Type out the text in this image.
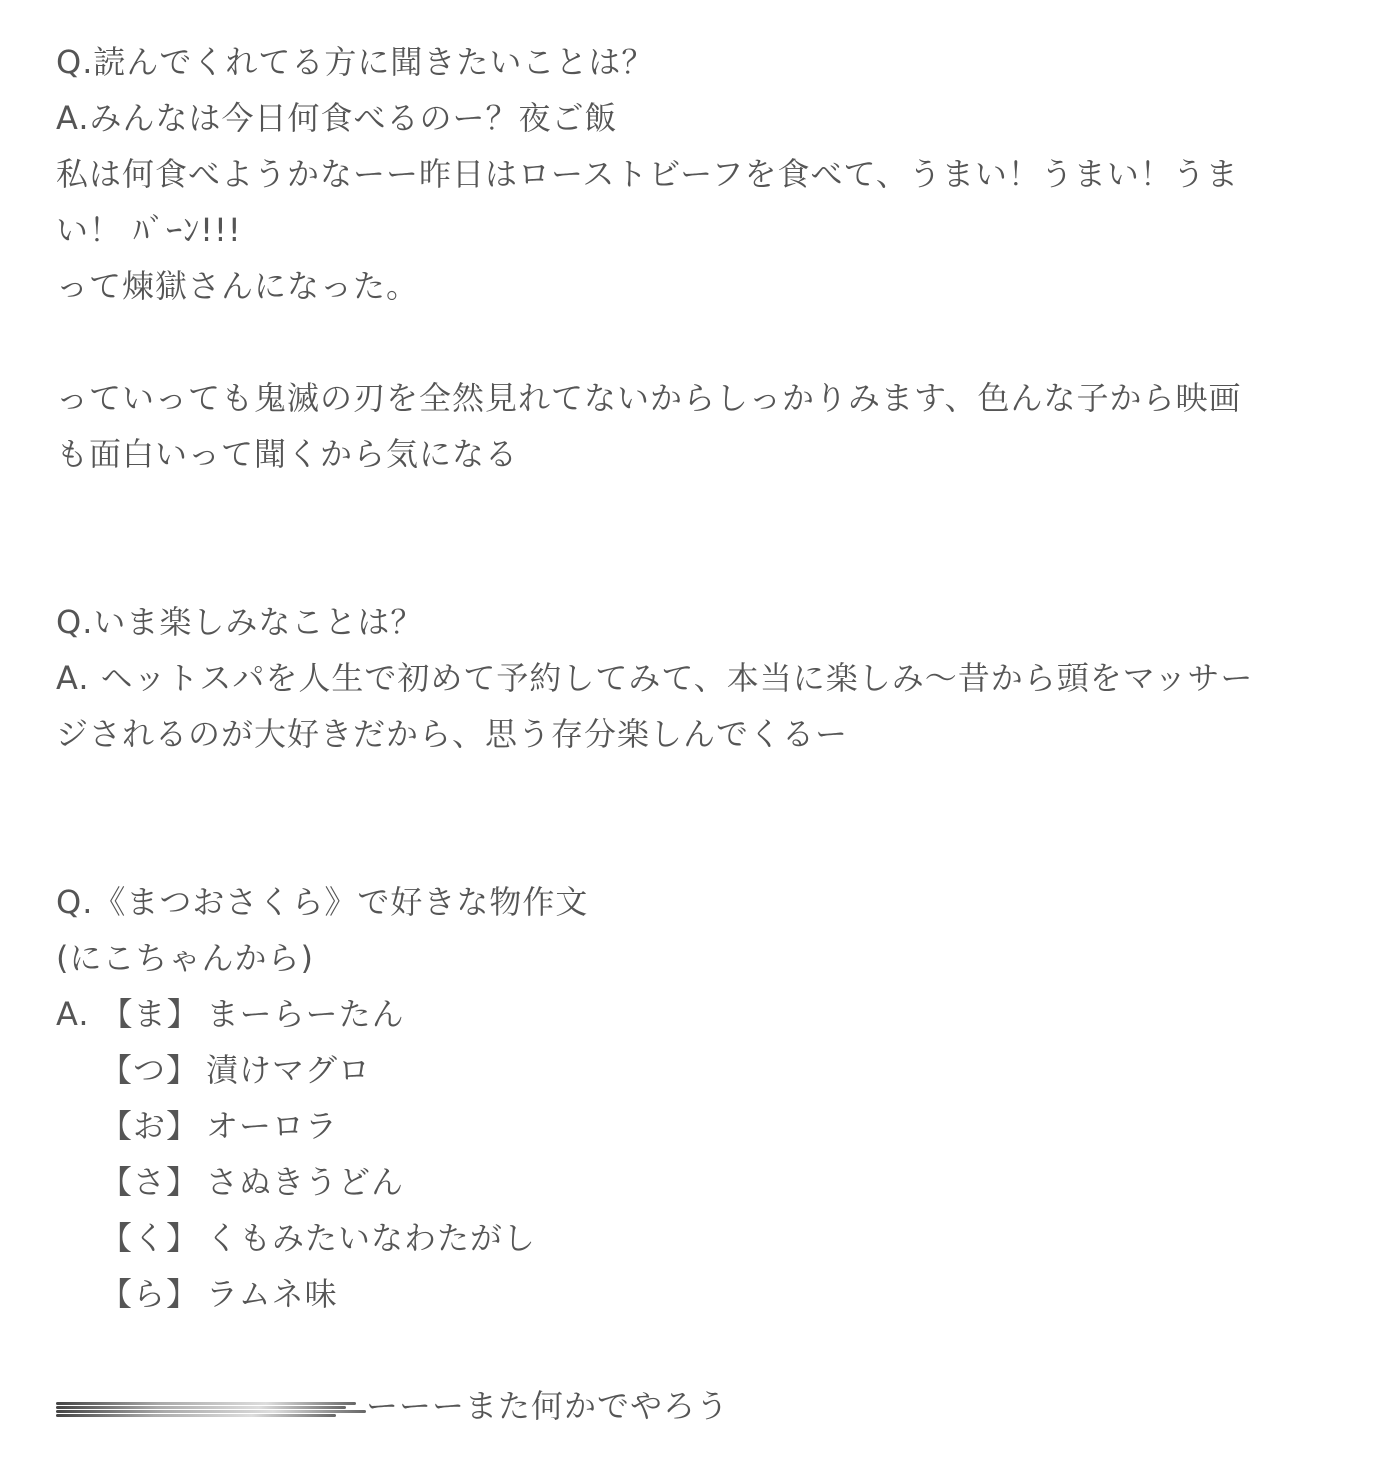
Q.読んでくれてる方に聞きたいことは？
A.みんなは今日何食べるのー？夜ご飯
私は何食べようかなーー昨日はローストビーフを食べて、うまい！うまい！うま
い！ ﾊﾞｰﾝ!!!
って煉獄さんになった。
っていっても鬼滅の刃を全然見れてないからしっかりみます、色んな子から映画
も面白いって聞くから気になる
Q.いま楽しみなことは？
A. ヘットスパを人生で初めて予約してみて、本当に楽しみ〜昔から頭をマッサー
ジされるのが大好きだから、思う存分楽しんでくるー
Q.《まつおさくら》で好きな物作文
(にこちゃんから)
A. 【ま】 まーらーたん
【つ】 漬けマグロ
【お】 オーロラ
【さ】 さぬきうどん
【く】 くもみたいなわたがし
【ら】 ラムネ味
ーーーまた何かでやろう
